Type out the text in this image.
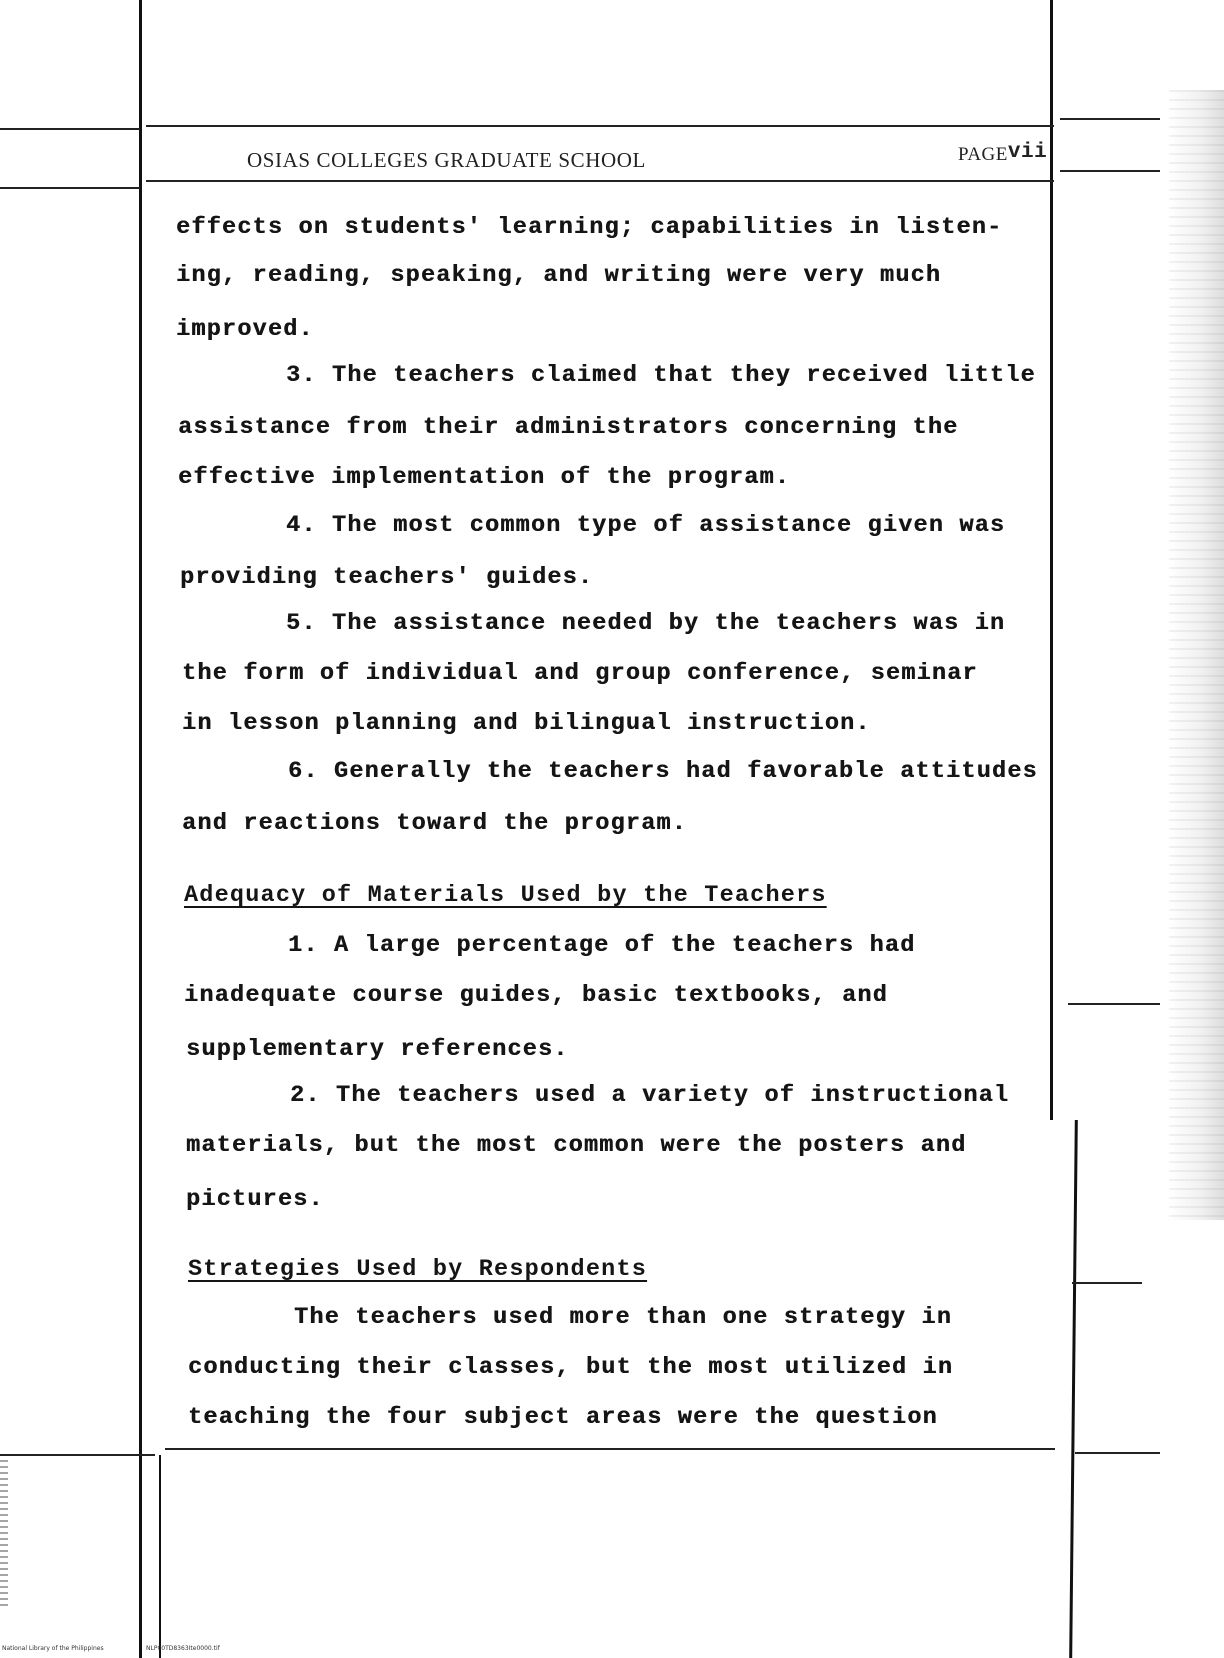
OSIAS COLLEGES GRADUATE SCHOOL	PAGEvii
effects on students' learning; capabilities in listen-
ing, reading, speaking, and writing were very much
improved.
3. The teachers claimed that they received little
assistance from their administrators concerning the
effective implementation of the program.
4. The most common type of assistance given was
providing teachers' guides.
5. The assistance needed by the teachers was in
the form of individual and group conference, seminar
in lesson planning and bilingual instruction.
6. Generally the teachers had favorable attitudes
and reactions toward the program.
Adequacy of Materials Used by the Teachers
1. A large percentage of the teachers had
inadequate course guides, basic textbooks, and
supplementary references.
2. The teachers used a variety of instructional
materials, but the most common were the posters and
pictures.
Strategies Used by Respondents
The teachers used more than one strategy in
conducting their classes, but the most utilized in
teaching the four subject areas were the question
National Library of the Philippines	NLP00TD8363Ite0000.tif
